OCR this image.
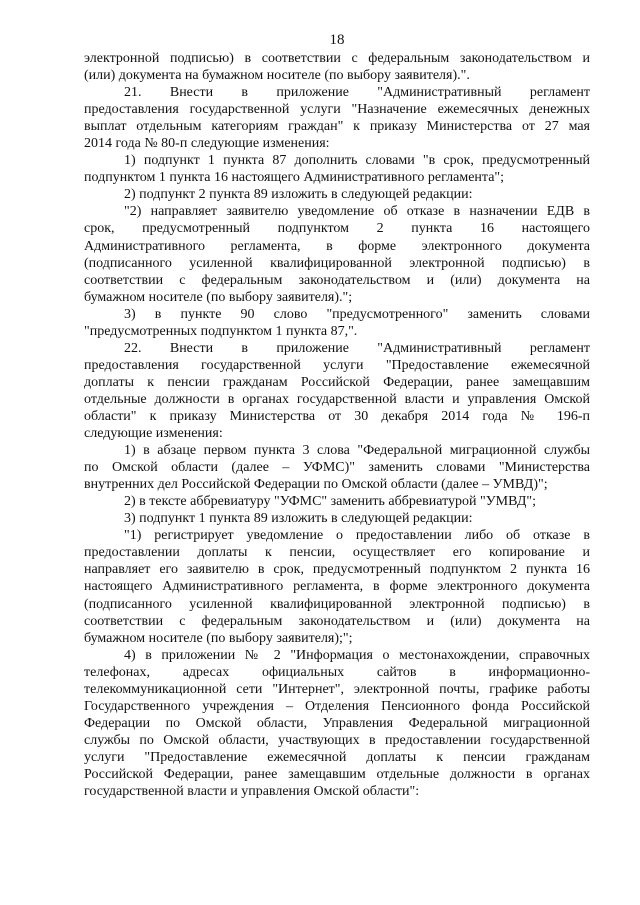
18
электронной подписью) в соответствии с федеральным законодательством и
(или) документа на бумажном носителе (по выбору заявителя).".
21. Внести в приложение "Административный регламент
предоставления государственной услуги "Назначение ежемесячных денежных
выплат отдельным категориям граждан" к приказу Министерства от 27 мая
2014 года № 80-п следующие изменения:
1) подпункт 1 пункта 87 дополнить словами "в срок, предусмотренный
подпунктом 1 пункта 16 настоящего Административного регламента";
2) подпункт 2 пункта 89 изложить в следующей редакции:
"2) направляет заявителю уведомление об отказе в назначении ЕДВ в
срок, предусмотренный подпунктом 2 пункта 16 настоящего
Административного регламента, в форме электронного документа
(подписанного усиленной квалифицированной электронной подписью) в
соответствии с федеральным законодательством и (или) документа на
бумажном носителе (по выбору заявителя).";
3) в пункте 90 слово "предусмотренного" заменить словами
"предусмотренных подпунктом 1 пункта 87,".
22. Внести в приложение "Административный регламент
предоставления государственной услуги "Предоставление ежемесячной
доплаты к пенсии гражданам Российской Федерации, ранее замещавшим
отдельные должности в органах государственной власти и управления Омской
области" к приказу Министерства от 30 декабря 2014 года № 196-п
следующие изменения:
1) в абзаце первом пункта 3 слова "Федеральной миграционной службы
по Омской области (далее – УФМС)" заменить словами "Министерства
внутренних дел Российской Федерации по Омской области (далее – УМВД)";
2) в тексте аббревиатуру "УФМС" заменить аббревиатурой "УМВД";
3) подпункт 1 пункта 89 изложить в следующей редакции:
"1) регистрирует уведомление о предоставлении либо об отказе в
предоставлении доплаты к пенсии, осуществляет его копирование и
направляет его заявителю в срок, предусмотренный подпунктом 2 пункта 16
настоящего Административного регламента, в форме электронного документа
(подписанного усиленной квалифицированной электронной подписью) в
соответствии с федеральным законодательством и (или) документа на
бумажном носителе (по выбору заявителя);";
4) в приложении № 2 "Информация о местонахождении, справочных
телефонах, адресах официальных сайтов в информационно-
телекоммуникационной сети "Интернет", электронной почты, графике работы
Государственного учреждения – Отделения Пенсионного фонда Российской
Федерации по Омской области, Управления Федеральной миграционной
службы по Омской области, участвующих в предоставлении государственной
услуги "Предоставление ежемесячной доплаты к пенсии гражданам
Российской Федерации, ранее замещавшим отдельные должности в органах
государственной власти и управления Омской области":
